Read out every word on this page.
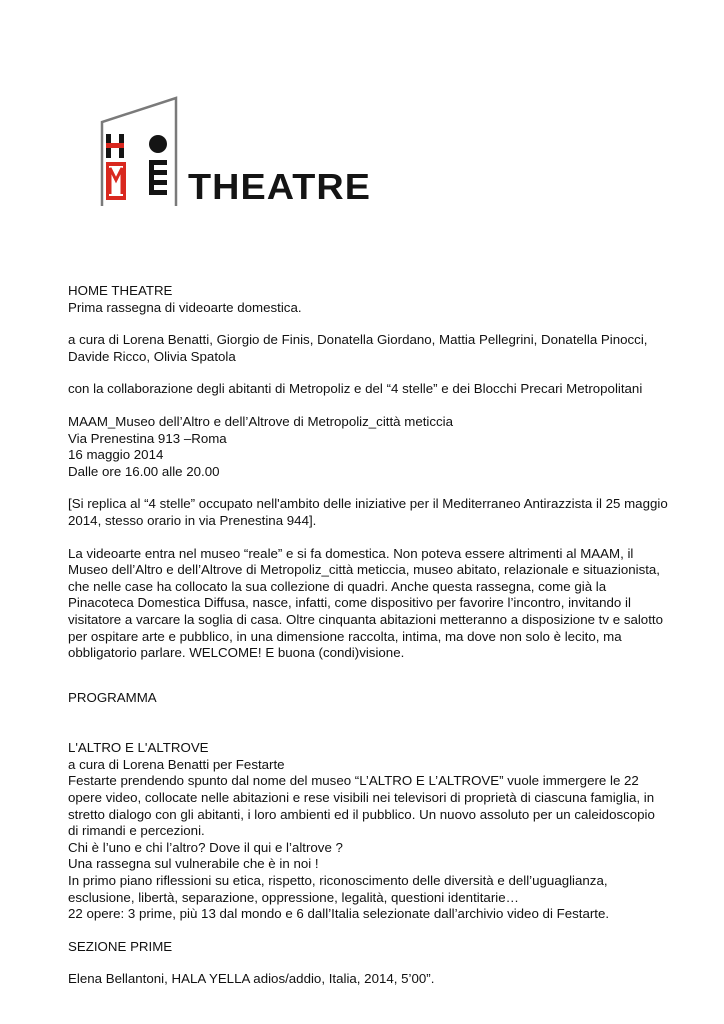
THEATRE

HOME THEATRE

Prima rassegna di videoarte domestica.

a cura di Lorena Benatti, Giorgio de Finis, Donatella Giordano, Mattia Pellegrini, Donatella Pinocci, Davide Ricco, Olivia Spatola

con la collaborazione degli abitanti di Metropoliz e del “4 stelle” e dei Blocchi Precari Metropolitani

MAAM_Museo dell’Altro e dell’Altrove di Metropoliz_città meticcia

Via Prenestina 913 –Roma

16 maggio 2014

Dalle ore 16.00 alle 20.00

[Si replica al “4 stelle” occupato nell'ambito delle iniziative per il Mediterraneo Antirazzista il 25 maggio 2014, stesso orario in via Prenestina 944].

La videoarte entra nel museo “reale” e si fa domestica. Non poteva essere altrimenti al MAAM, il Museo dell’Altro e dell’Altrove di Metropoliz_città meticcia, museo abitato, relazionale e situazionista, che nelle case ha collocato la sua collezione di quadri. Anche questa rassegna, come già la Pinacoteca Domestica Diffusa, nasce, infatti, come dispositivo per favorire l’incontro, invitando il visitatore a varcare la soglia di casa. Oltre cinquanta abitazioni metteranno a disposizione tv e salotto per ospitare arte e pubblico, in una dimensione raccolta, intima, ma dove non solo è lecito, ma obbligatorio parlare. WELCOME! E buona (condi)visione.

PROGRAMMA

L'ALTRO E L'ALTROVE

a cura di Lorena Benatti per Festarte

Festarte prendendo spunto dal nome del museo “L’ALTRO E L’ALTROVE” vuole immergere le 22 opere video, collocate nelle abitazioni e rese visibili nei televisori di proprietà di ciascuna famiglia, in stretto dialogo con gli abitanti, i loro ambienti ed il pubblico. Un nuovo assoluto per un caleidoscopio di rimandi e percezioni.

Chi è l’uno e chi l’altro? Dove il qui e l’altrove ?

Una rassegna sul vulnerabile che è in noi !

In primo piano riflessioni su etica, rispetto, riconoscimento delle diversità e dell’uguaglianza, esclusione, libertà, separazione, oppressione, legalità, questioni identitarie…

22 opere: 3 prime, più 13 dal mondo e 6 dall’Italia selezionate dall’archivio video di Festarte.

SEZIONE PRIME

Elena Bellantoni, HALA YELLA adios/addio, Italia, 2014, 5’00”.
